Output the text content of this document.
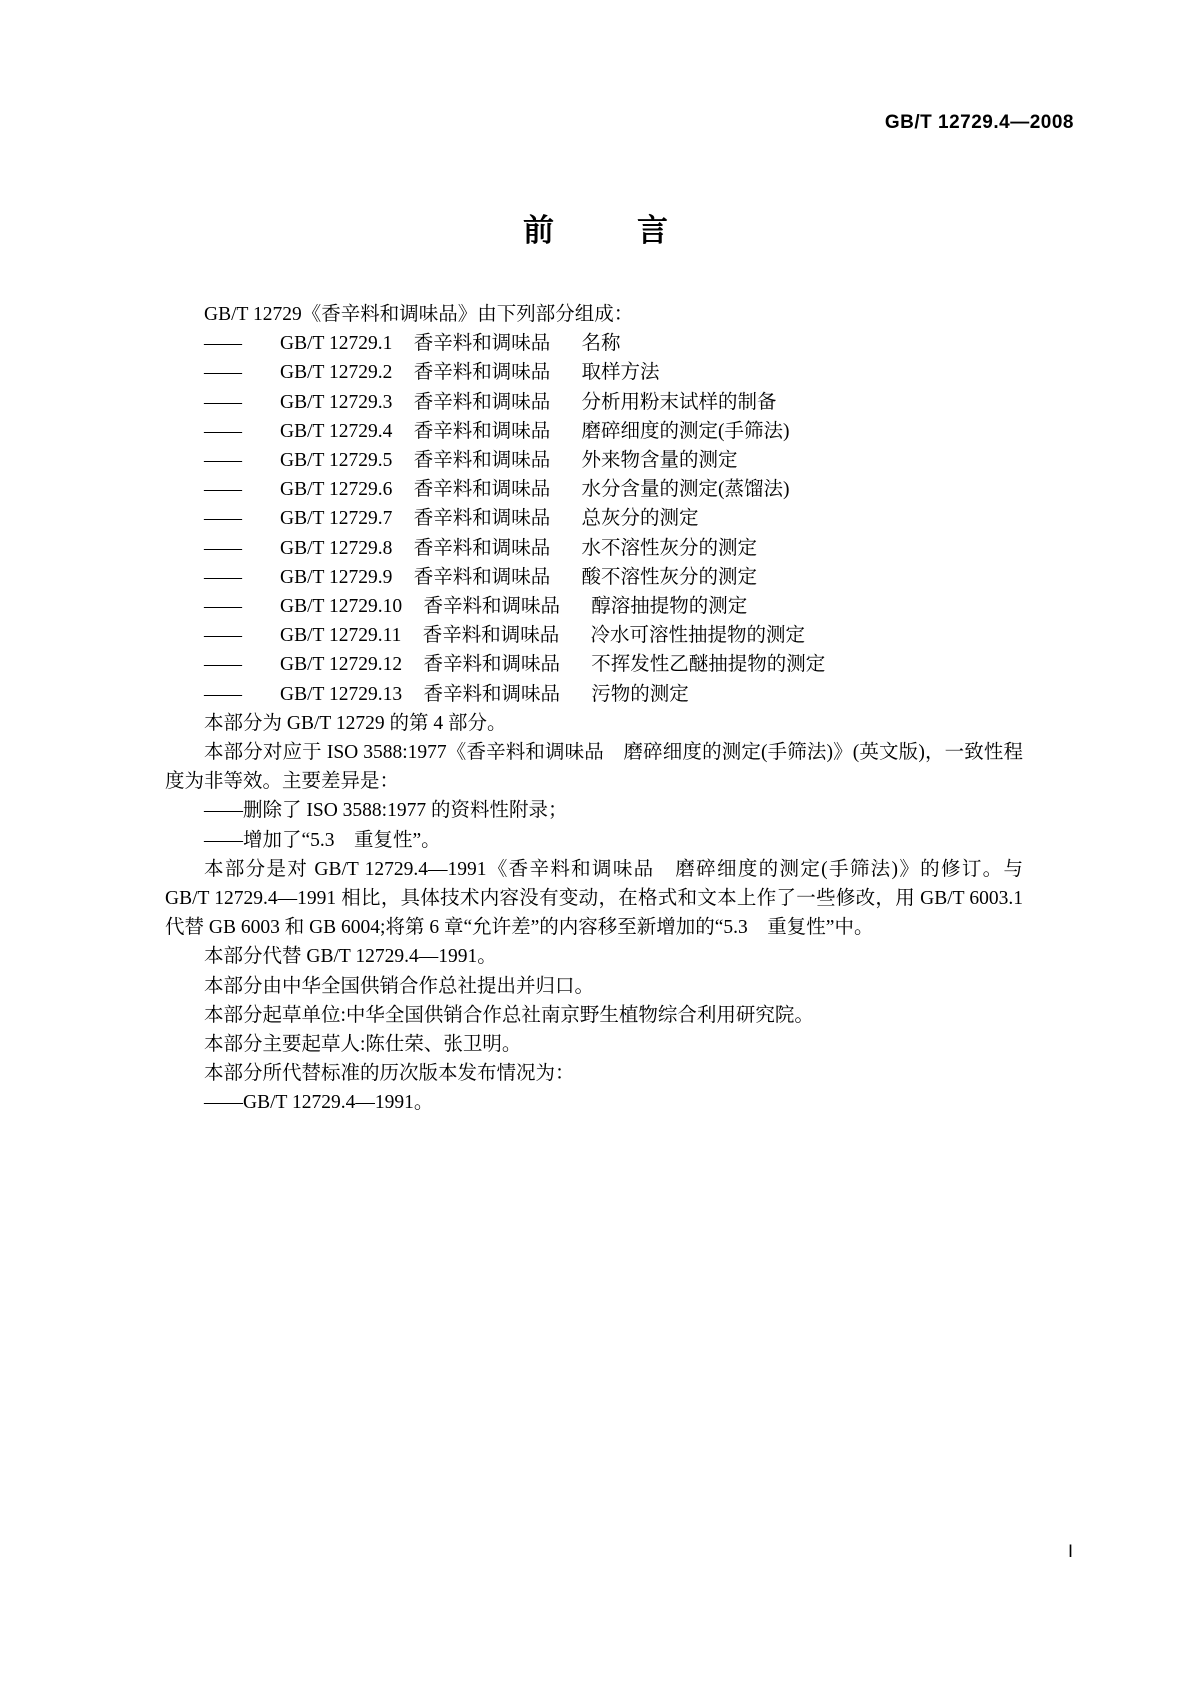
GB/T 12729.4—2008
前　言

GB/T 12729《香辛料和调味品》由下列部分组成：

—— GB/T 12729.1 香辛料和调味品 名称

—— GB/T 12729.2 香辛料和调味品 取样方法

—— GB/T 12729.3 香辛料和调味品 分析用粉末试样的制备

—— GB/T 12729.4 香辛料和调味品 磨碎细度的测定(手筛法)

—— GB/T 12729.5 香辛料和调味品 外来物含量的测定

—— GB/T 12729.6 香辛料和调味品 水分含量的测定(蒸馏法)

—— GB/T 12729.7 香辛料和调味品 总灰分的测定

—— GB/T 12729.8 香辛料和调味品 水不溶性灰分的测定

—— GB/T 12729.9 香辛料和调味品 酸不溶性灰分的测定

—— GB/T 12729.10 香辛料和调味品 醇溶抽提物的测定

—— GB/T 12729.11 香辛料和调味品 冷水可溶性抽提物的测定

—— GB/T 12729.12 香辛料和调味品 不挥发性乙醚抽提物的测定

—— GB/T 12729.13 香辛料和调味品 污物的测定

本部分为 GB/T 12729 的第 4 部分。

本部分对应于 ISO 3588:1977《香辛料和调味品　磨碎细度的测定(手筛法)》(英文版)，一致性程度为非等效。主要差异是：

——删除了 ISO 3588:1977 的资料性附录；

——增加了“5.3　重复性”。

本部分是对 GB/T 12729.4—1991《香辛料和调味品　磨碎细度的测定(手筛法)》的修订。与 GB/T 12729.4—1991 相比，具体技术内容没有变动，在格式和文本上作了一些修改，用 GB/T 6003.1 代替 GB 6003 和 GB 6004;将第 6 章“允许差”的内容移至新增加的“5.3　重复性”中。

本部分代替 GB/T 12729.4—1991。

本部分由中华全国供销合作总社提出并归口。

本部分起草单位:中华全国供销合作总社南京野生植物综合利用研究院。

本部分主要起草人:陈仕荣、张卫明。

本部分所代替标准的历次版本发布情况为：

——GB/T 12729.4—1991。

Ⅰ
